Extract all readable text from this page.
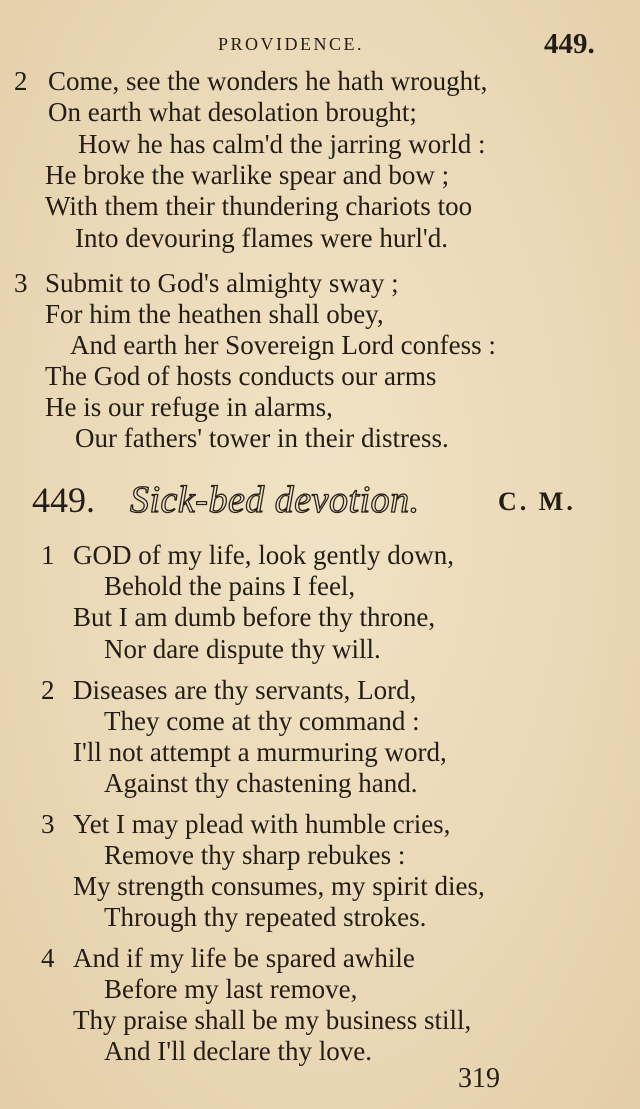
PROVIDENCE.	449.
2 Come, see the wonders he hath wrought,
On earth what desolation brought;
How he has calm'd the jarring world :
He broke the warlike spear and bow ;
With them their thundering chariots too
Into devouring flames were hurl'd.
3 Submit to God's almighty sway ;
For him the heathen shall obey,
And earth her Sovereign Lord confess :
The God of hosts conducts our arms
He is our refuge in alarms,
Our fathers' tower in their distress.
449. Sick-bed devotion.	C. M.
1 GOD of my life, look gently down,
Behold the pains I feel,
But I am dumb before thy throne,
Nor dare dispute thy will.
2 Diseases are thy servants, Lord,
They come at thy command :
I'll not attempt a murmuring word,
Against thy chastening hand.
3 Yet I may plead with humble cries,
Remove thy sharp rebukes :
My strength consumes, my spirit dies,
Through thy repeated strokes.
4 And if my life be spared awhile
Before my last remove,
Thy praise shall be my business still,
And I'll declare thy love.
319
